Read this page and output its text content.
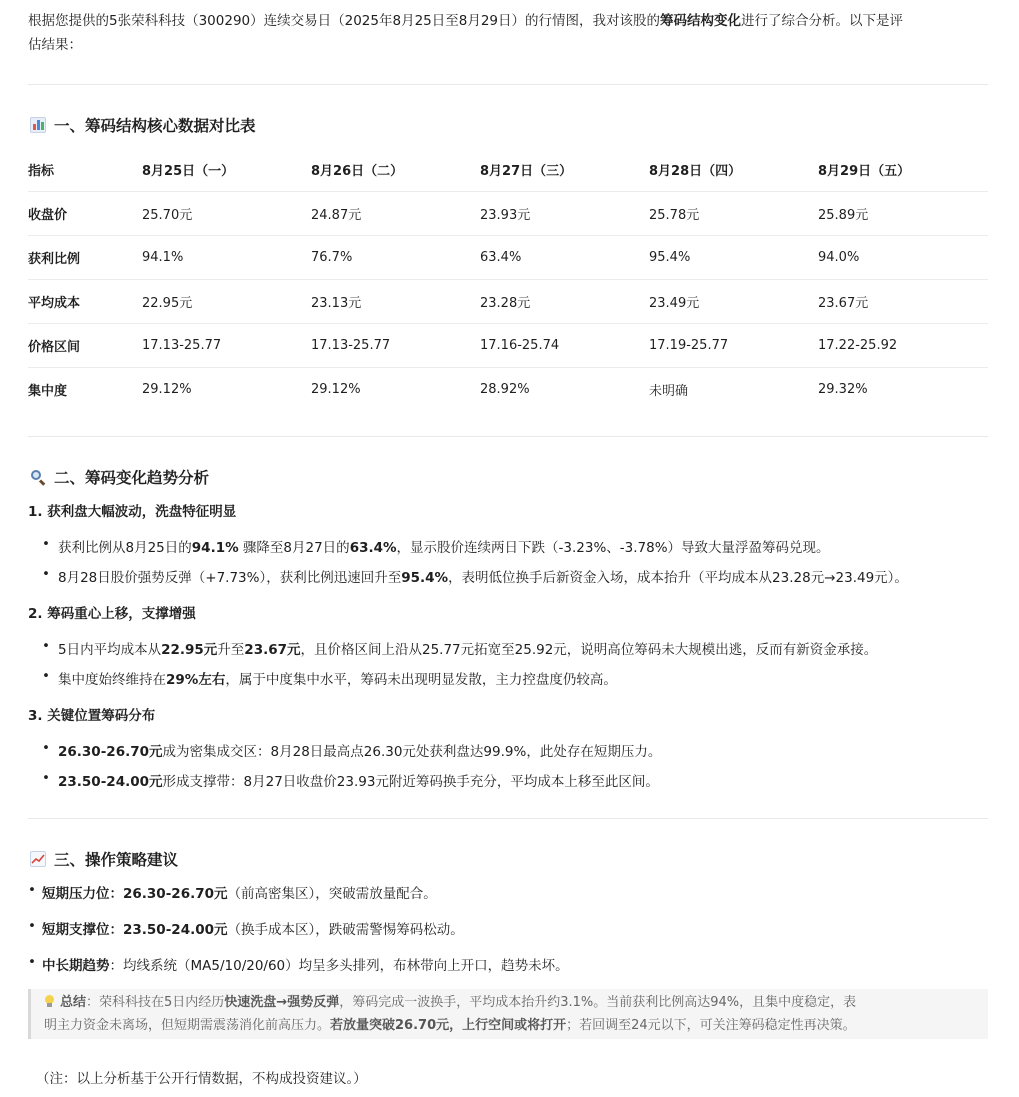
根据您提供的5张荣科科技（300290）连续交易日（2025年8月25日至8月29日）的行情图，我对该股的筹码结构变化进行了综合分析。以下是评
估结果：
一、筹码结构核心数据对比表
指标	8月25日（一）	8月26日（二）	8月27日（三）	8月28日（四）	8月29日（五）
收盘价	25.70元	24.87元	23.93元	25.78元	25.89元
获利比例	94.1%	76.7%	63.4%	95.4%	94.0%
平均成本	22.95元	23.13元	23.28元	23.49元	23.67元
价格区间	17.13-25.77	17.13-25.77	17.16-25.74	17.19-25.77	17.22-25.92
集中度	29.12%	29.12%	28.92%	未明确	29.32%
二、筹码变化趋势分析
1. 获利盘大幅波动，洗盘特征明显
• 获利比例从8月25日的94.1% 骤降至8月27日的63.4%，显示股价连续两日下跌（-3.23%、-3.78%）导致大量浮盈筹码兑现。
• 8月28日股价强势反弹（+7.73%），获利比例迅速回升至95.4%，表明低位换手后新资金入场，成本抬升（平均成本从23.28元→23.49元）。
2. 筹码重心上移，支撑增强
• 5日内平均成本从22.95元升至23.67元，且价格区间上沿从25.77元拓宽至25.92元，说明高位筹码未大规模出逃，反而有新资金承接。
• 集中度始终维持在29%左右，属于中度集中水平，筹码未出现明显发散，主力控盘度仍较高。
3. 关键位置筹码分布
• 26.30-26.70元成为密集成交区：8月28日最高点26.30元处获利盘达99.9%，此处存在短期压力。
• 23.50-24.00元形成支撑带：8月27日收盘价23.93元附近筹码换手充分，平均成本上移至此区间。
三、操作策略建议
• 短期压力位：26.30-26.70元（前高密集区），突破需放量配合。
• 短期支撑位：23.50-24.00元（换手成本区），跌破需警惕筹码松动。
• 中长期趋势：均线系统（MA5/10/20/60）均呈多头排列，布林带向上开口，趋势未坏。
总结：荣科科技在5日内经历快速洗盘→强势反弹，筹码完成一波换手，平均成本抬升约3.1%。当前获利比例高达94%，且集中度稳定，表
明主力资金未离场，但短期需震荡消化前高压力。若放量突破26.70元，上行空间或将打开；若回调至24元以下，可关注筹码稳定性再决策。
（注：以上分析基于公开行情数据，不构成投资建议。）
